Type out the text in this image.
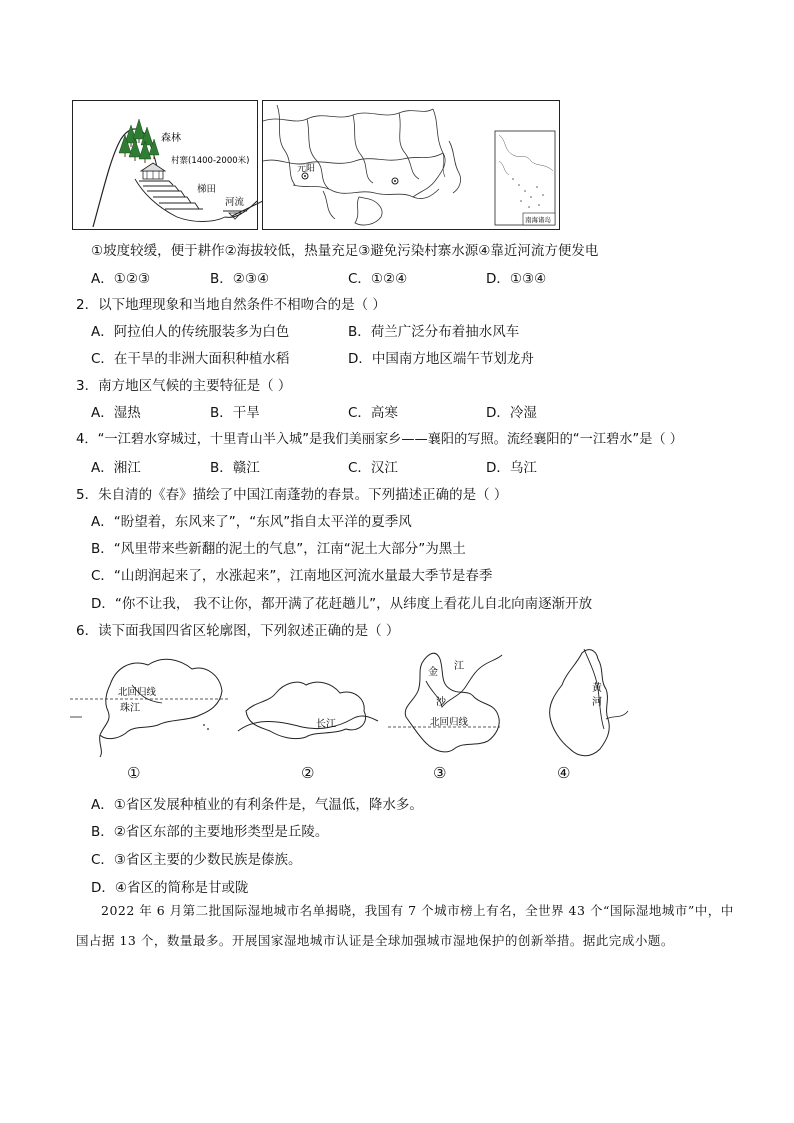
森林
村寨(1400-2000米)
梯田
河流
元阳
南海诸岛
①坡度较缓，便于耕作②海拔较低，热量充足③避免污染村寨水源④靠近河流方便发电
A．①②③	B．②③④	C．①②④	D．①③④
2．以下地理现象和当地自然条件不相吻合的是（ ）
A．阿拉伯人的传统服装多为白色	B．荷兰广泛分布着抽水风车
C．在干旱的非洲大面积种植水稻	D．中国南方地区端午节划龙舟
3．南方地区气候的主要特征是（ ）
A．湿热	B．干旱	C．高寒	D．冷湿
4．“一江碧水穿城过，十里青山半入城”是我们美丽家乡——襄阳的写照。流经襄阳的“一江碧水”是（ ）
A．湘江	B．赣江	C．汉江	D．乌江
5．朱自清的《春》描绘了中国江南蓬勃的春景。下列描述正确的是（ ）
A．“盼望着，东风来了”，“东风”指自太平洋的夏季风
B．“风里带来些新翻的泥土的气息”，江南“泥土大部分”为黑土
C．“山朗润起来了，水涨起来”，江南地区河流水量最大季节是春季
D．“你不让我， 我不让你，都开满了花赶趟儿”，从纬度上看花儿自北向南逐渐开放
6．读下面我国四省区轮廓图，下列叙述正确的是（ ）
北回归线
珠江
长江
金
沙
江
北回归线
黄
河
①	②	③	④
A．①省区发展种植业的有利条件是，气温低，降水多。
B．②省区东部的主要地形类型是丘陵。
C．③省区主要的少数民族是傣族。
D．④省区的简称是甘或陇
2022 年 6 月第二批国际湿地城市名单揭晓，我国有 7 个城市榜上有名，全世界 43 个“国际湿地城市”中，中国占据 13 个，数量最多。开展国家湿地城市认证是全球加强城市湿地保护的创新举措。据此完成小题。
